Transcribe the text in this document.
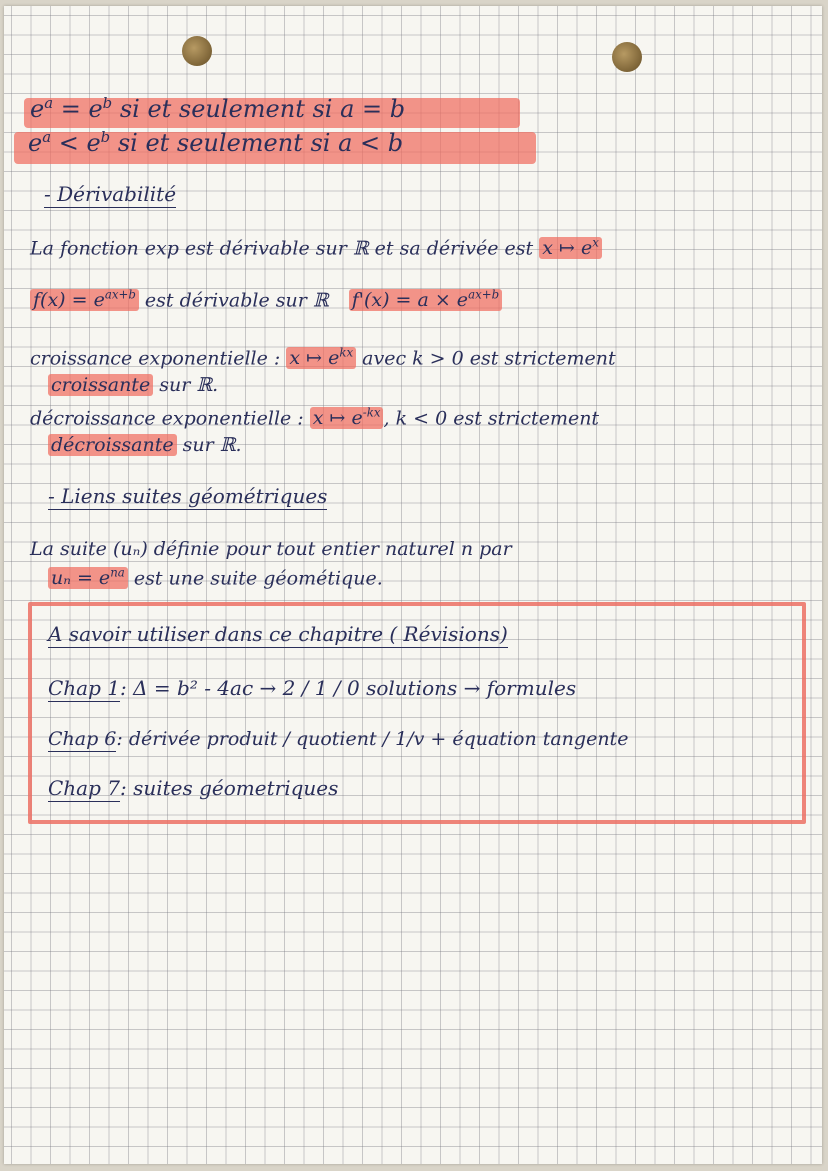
$e^a = e^b$ si et seulement si a = b
$e^a < e^b$ si et seulement si a < b
- Dérivabilité
La fonction exp est dérivable sur ℝ et sa dérivée est x ↦ $e^x$
$f(x) = e^{ax+b}$ est dérivable sur ℝ $f'(x) = a \times e^{ax+b}$
croissance exponentielle : x ↦ $e^{kx}$ avec k > 0 est strictement
croissante sur ℝ.
décroissance exponentielle : x ↦ $e^{-kx}$ , k < 0 est strictement
décroissante sur ℝ.
- Liens suites géométriques
La suite (uₙ) définie pour tout entier naturel n par
$u_n = e^{na}$ est une suite géométique.
A savoir utiliser dans ce chapitre ( Révisions)
Chap 1: Δ = b² - 4ac → 2 / 1 / 0 solutions → formules
Chap 6: dérivée produit / quotient / 1/v + équation tangente
Chap 7: suites géometriques
